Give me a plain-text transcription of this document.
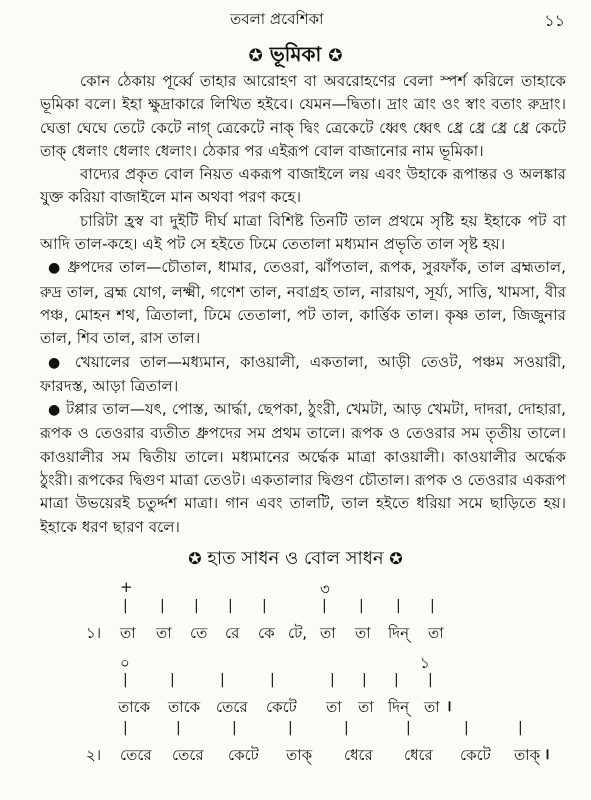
তবলা প্রবেশিকা	১১
✪ ভূমিকা ✪

কোন ঠেকায় পূর্ব্বে তাহার আরোহণ বা অবরোহণের বেলা স্পর্শ করিলে তাহাকে ভূমিকা বলে। ইহা ক্ষুদ্রাকারে লিখিত হইবে। যেমন—দ্বিতা। দ্রাং ত্রাং ওং স্বাং বতাং রুদ্রাং। ঘেত্তা ঘেঘে তেটে কেটে নাগ্ ত্রেকেটে নাক্ দ্বিং ত্রেকেটে ধ্বেৎ ধ্বেৎ ধ্রে ধ্রে ধ্রে ধ্রে কেটে তাক্ ধেলাং ধেলাং ধেলাং। ঠেকার পর এইরূপ বোল বাজানোর নাম ভূমিকা।

বাদ্যের প্রকৃত বোল নিয়ত একরূপ বাজাইলে লয় এবং উহাকে রূপান্তর ও অলঙ্কার যুক্ত করিয়া বাজাইলে মান অথবা পরণ কহে।

চারিটা হ্রস্ব বা দুইটি দীর্ঘ মাত্রা বিশিষ্ট তিনটি তাল প্রথমে সৃষ্টি হয় ইহাকে পট বা আদি তাল-কহে। এই পট সে হইতে ঢিমে তেতালা মধ্যমান প্রভৃতি তাল সৃষ্ট হয়।

● ধ্রুপদের তাল—চৌতাল, ধামার, তেওরা, ঝাঁপতাল, রূপক, সুরফাঁক, তাল ব্রহ্মতাল, রুদ্র তাল, ব্রহ্ম যোগ, লক্ষ্মী, গণেশ তাল, নবাগ্রহ তাল, নারায়ণ, সূর্য্য, সাত্তি, খামসা, বীর পঞ্চ, মোহন শথ, ত্রিতালা, ঢিমে তেতালা, পট তাল, কার্ত্তিক তাল। কৃষ্ণ তাল, জিজুনার তাল, শিব তাল, রাস তাল।

● খেয়ালের তাল—মধ্যমান, কাওয়ালী, একতালা, আড়ী তেওট, পঞ্চম সওয়ারী, ফারদস্ত, আড়া ত্রিতাল।

● টপ্পার তাল—যৎ, পোস্ত, আর্দ্ধা, ছেপকা, ঠুংরী, খেমটা, আড় খেমটা, দাদরা, দোহারা, রূপক ও তেওরার ব্যতীত ধ্রুপদের সম প্রথম তালে। রূপক ও তেওরার সম তৃতীয় তালে। কাওয়ালীর সম দ্বিতীয় তালে। মধ্যমানের অর্দ্ধেক মাত্রা কাওয়ালী। কাওয়ালীর অর্দ্ধেক ঠুংরী। রূপকের দ্বিগুণ মাত্রা তেওট। একতালার দ্বিগুণ চৌতাল। রূপক ও তেওরার একরূপ মাত্রা উভয়েরই চতুর্দ্দশ মাত্রা। গান এবং তালটি, তাল হইতে ধরিয়া সমে ছাড়িতে হয়। ইহাকে ধরণ ছারণ বলে।

✪ হাত সাধন ও বোল সাধন ✪
+	৩
| | | | |	| | | |
১। তা তা তে রে কে টে, তা তা দিন্ তা
০	১
|	|	|	|	| | | |
তাকে তাকে তেরে কেটে তা তা দিন্ তা ।
|	|	|	|	|	|	|	|
২। তেরে তেরে কেটে তাক্ ধেরে ধেরে কেটে তাক্ ।
